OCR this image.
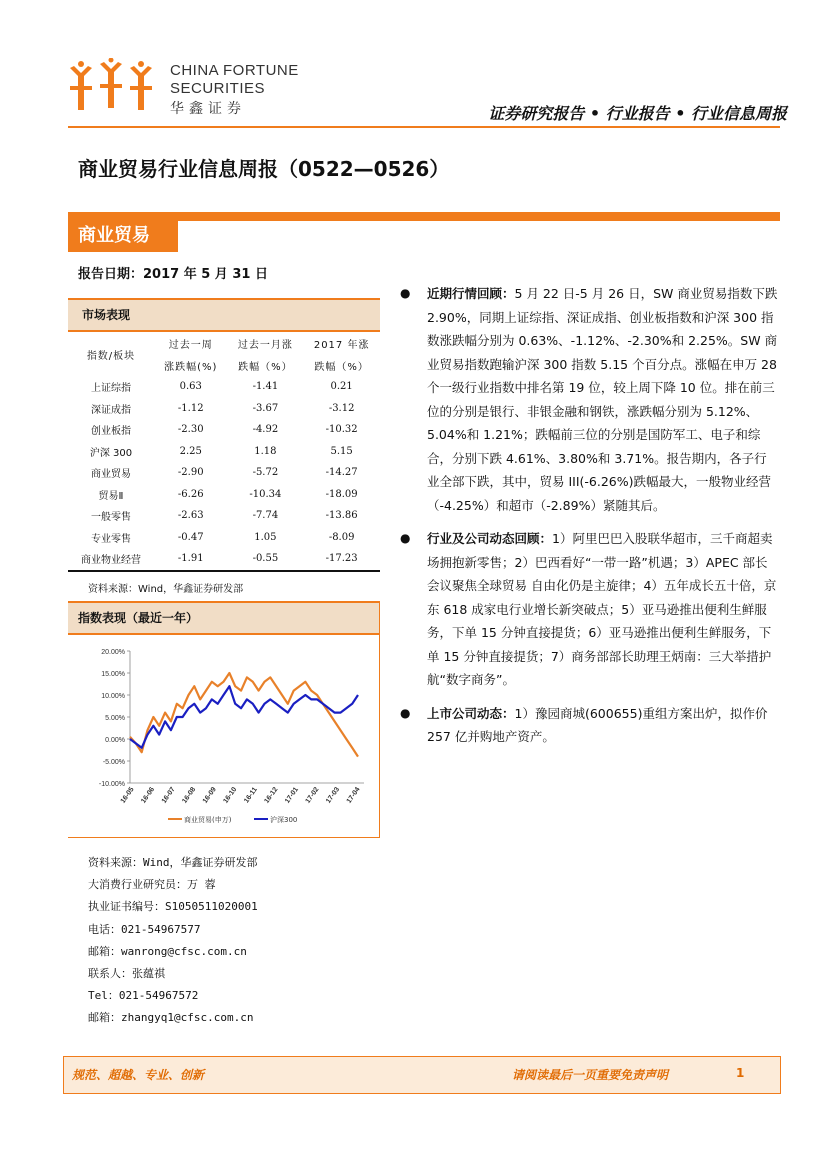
CHINA FORTUNE
SECURITIES
华鑫证券	证券研究报告 • 行业报告 • 行业信息周报
商业贸易行业信息周报（0522—0526）
商业贸易
报告日期：2017 年 5 月 31 日
市场表现
指数/板块	过去一周	过去一月涨	2017 年涨
	涨跌幅(%)	跌幅（%）	跌幅（%）
上证综指	0.63	-1.41	0.21
深证成指	-1.12	-3.67	-3.12
创业板指	-2.30	-4.92	-10.32
沪深 300	2.25	1.18	5.15
商业贸易	-2.90	-5.72	-14.27
贸易Ⅱ	-6.26	-10.34	-18.09
一般零售	-2.63	-7.74	-13.86
专业零售	-0.47	1.05	-8.09
商业物业经营	-1.91	-0.55	-17.23
资料来源：Wind，华鑫证券研发部
指数表现（最近一年）
20.00%
15.00%
10.00%
5.00%
0.00%
-5.00%
-10.00%
16-05 16-06 16-07 16-08 16-09 16-10 16-11 16-12 17-01 17-02 17-03 17-04
商业贸易(申万)	沪深300
资料来源：Wind，华鑫证券研发部
大消费行业研究员：万 蓉
执业证书编号：S1050511020001
电话：021-54967577
邮箱：wanrong@cfsc.com.cn
联系人：张蕴祺
Tel：021-54967572
邮箱：zhangyq1@cfsc.com.cn
● 近期行情回顾：5 月 22 日-5 月 26 日，SW 商业贸易指数下跌 2.90%，同期上证综指、深证成指、创业板指数和沪深 300 指数涨跌幅分别为 0.63%、-1.12%、-2.30%和 2.25%。SW 商业贸易指数跑输沪深 300 指数 5.15 个百分点。涨幅在申万 28 个一级行业指数中排名第 19 位，较上周下降 10 位。排在前三位的分别是银行、非银金融和钢铁，涨跌幅分别为 5.12%、5.04%和 1.21%；跌幅前三位的分别是国防军工、电子和综合，分别下跌 4.61%、3.80%和 3.71%。报告期内，各子行业全部下跌，其中，贸易 III(-6.26%)跌幅最大，一般物业经营（-4.25%）和超市（-2.89%）紧随其后。
● 行业及公司动态回顾：1）阿里巴巴入股联华超市，三千商超卖场拥抱新零售；2）巴西看好“一带一路”机遇；3）APEC 部长会议聚焦全球贸易 自由化仍是主旋律；4）五年成长五十倍，京东 618 成家电行业增长新突破点；5）亚马逊推出便利生鲜服务，下单 15 分钟直接提货；6）亚马逊推出便利生鲜服务，下单 15 分钟直接提货；7）商务部部长助理王炳南：三大举措护航“数字商务”。
● 上市公司动态：1）豫园商城(600655)重组方案出炉，拟作价 257 亿并购地产资产。
规范、超越、专业、创新	请阅读最后一页重要免责声明	1
